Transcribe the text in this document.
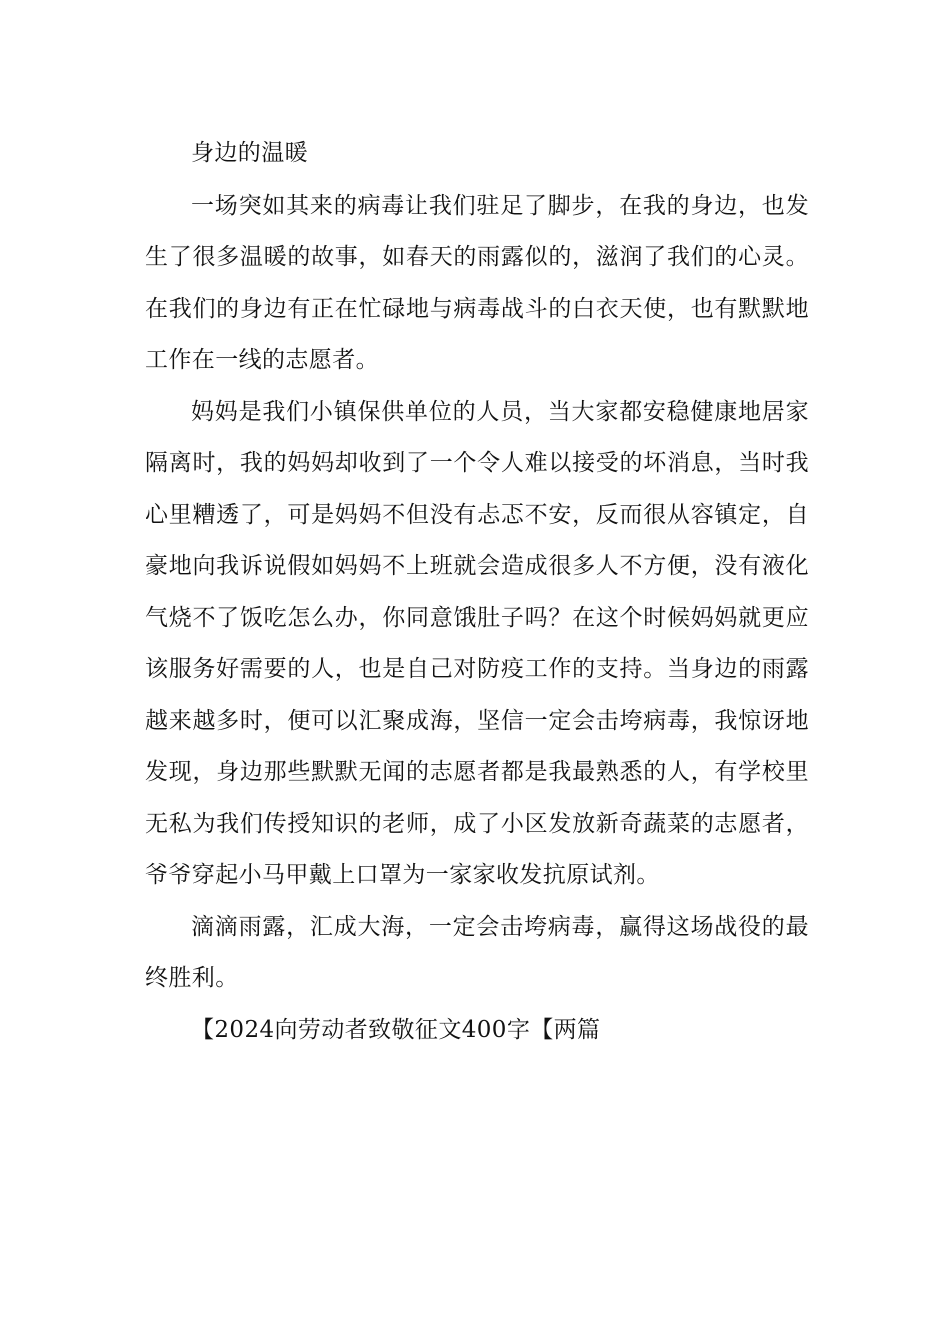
身边的温暖

一场突如其来的病毒让我们驻足了脚步，在我的身边，也发生了很多温暖的故事，如春天的雨露似的，滋润了我们的心灵。在我们的身边有正在忙碌地与病毒战斗的白衣天使，也有默默地工作在一线的志愿者。

妈妈是我们小镇保供单位的人员，当大家都安稳健康地居家隔离时，我的妈妈却收到了一个令人难以接受的坏消息，当时我心里糟透了，可是妈妈不但没有忐忑不安，反而很从容镇定，自豪地向我诉说假如妈妈不上班就会造成很多人不方便，没有液化气烧不了饭吃怎么办，你同意饿肚子吗？在这个时候妈妈就更应该服务好需要的人，也是自己对防疫工作的支持。当身边的雨露越来越多时，便可以汇聚成海，坚信一定会击垮病毒，我惊讶地发现，身边那些默默无闻的志愿者都是我最熟悉的人，有学校里无私为我们传授知识的老师，成了小区发放新奇蔬菜的志愿者，爷爷穿起小马甲戴上口罩为一家家收发抗原试剂。

滴滴雨露，汇成大海，一定会击垮病毒，赢得这场战役的最终胜利。

【2024向劳动者致敬征文400字【两篇
